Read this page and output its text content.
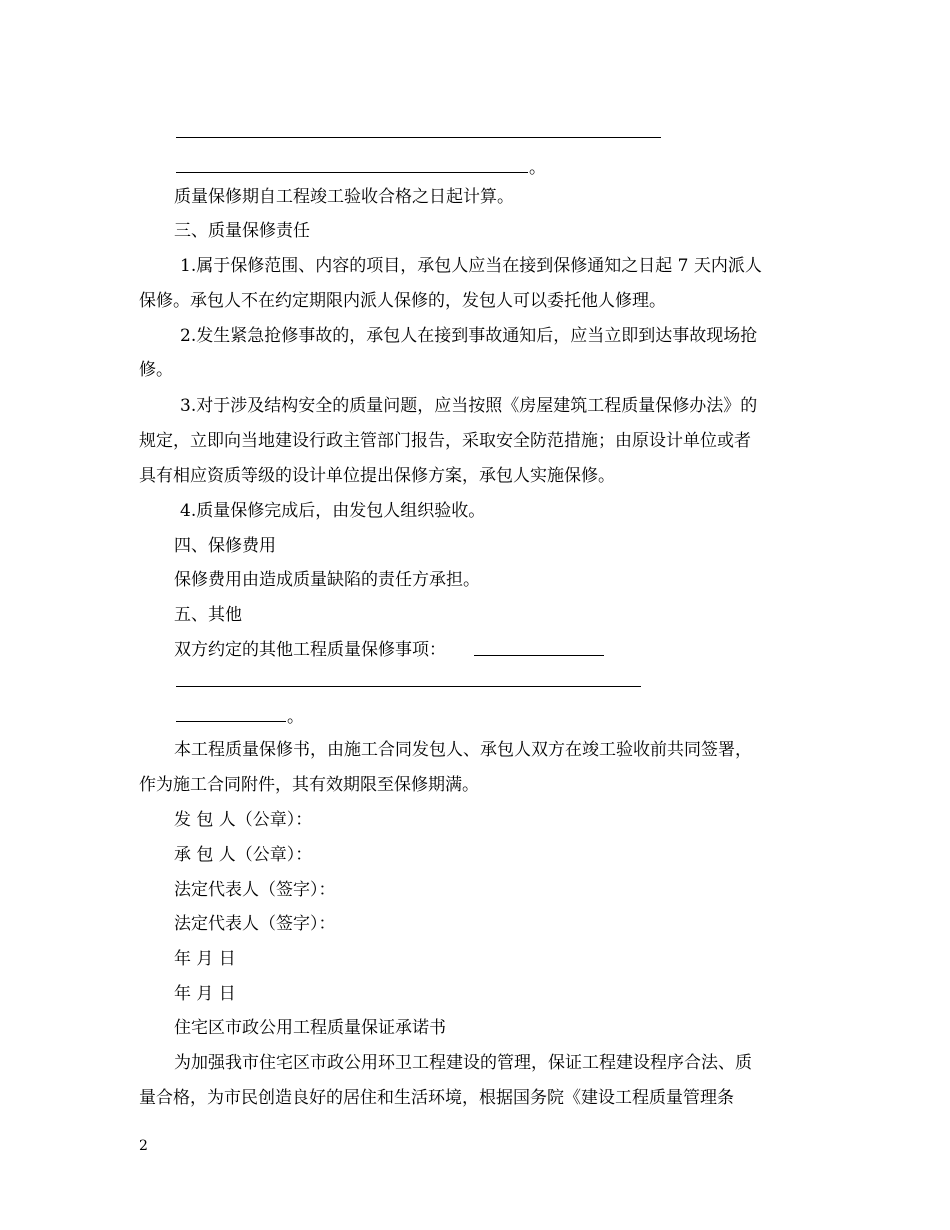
。
质量保修期自工程竣工验收合格之日起计算。
三、质量保修责任
1.属于保修范围、内容的项目，承包人应当在接到保修通知之日起 7 天内派人
保修。承包人不在约定期限内派人保修的，发包人可以委托他人修理。
2.发生紧急抢修事故的，承包人在接到事故通知后，应当立即到达事故现场抢
修。
3.对于涉及结构安全的质量问题，应当按照《房屋建筑工程质量保修办法》的
规定，立即向当地建设行政主管部门报告，采取安全防范措施；由原设计单位或者
具有相应资质等级的设计单位提出保修方案，承包人实施保修。
4.质量保修完成后，由发包人组织验收。
四、保修费用
保修费用由造成质量缺陷的责任方承担。
五、其他
双方约定的其他工程质量保修事项：
。
本工程质量保修书，由施工合同发包人、承包人双方在竣工验收前共同签署，
作为施工合同附件，其有效期限至保修期满。
发 包 人（公章）：
承 包 人（公章）：
法定代表人（签字）：
法定代表人（签字）：
年 月 日
年 月 日
住宅区市政公用工程质量保证承诺书
为加强我市住宅区市政公用环卫工程建设的管理，保证工程建设程序合法、质
量合格，为市民创造良好的居住和生活环境，根据国务院《建设工程质量管理条
2
